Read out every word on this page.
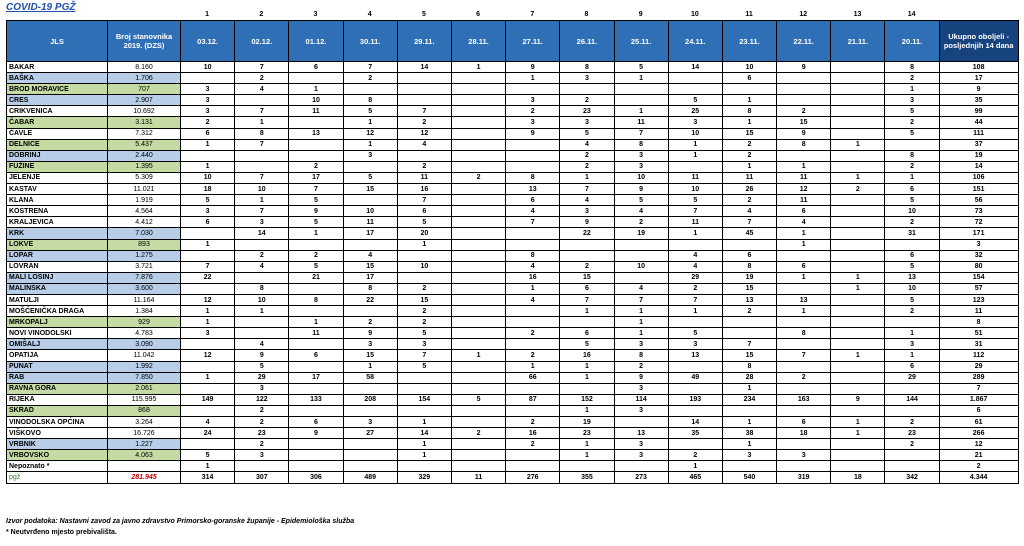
COVID-19 PGŽ
1	2	3	4	5	6	7	8	9	10	11	12	13	14
JLS	Broj stanovnika 2019. (DZS)	03.12.	02.12.	01.12.	30.11.	29.11.	28.11.	27.11.	26.11.	25.11.	24.11.	23.11.	22.11.	21.11.	20.11.	Ukupno oboljeli - posljednjih 14 dana
BAKAR	8.160	10	7	6	7	14	1	9	8	5	14	10	9		8	108
BAŠKA	1.706		2		2			1	3	1		6			2	17
BROD MORAVICE	707	3	4	1											1	9
CRES	2.907	3		10	8			3	2		5	1			3	35
CRIKVENICA	10.692	3	7	11	5	7		2	23	1	25	8	2		5	99
ČABAR	3.131	2	1		1	2		3	3	11	3	1	15		2	44
ČAVLE	7.312	6	8	13	12	12		9	5	7	10	15	9		5	111
DELNICE	5.437	1	7		1	4			4	8	1	2	8	1		37
DOBRINJ	2.440				3				2	3	1	2			8	19
FUŽINE	1.395	1		2		2			2	3		1	1		2	14
JELENJE	5.309	10	7	17	5	11	2	8	1	10	11	11	11	1	1	106
KASTAV	11.021	18	10	7	15	16		13	7	9	10	26	12	2	6	151
KLANA	1.919	5	1	5		7		6	4	5	5	2	11		5	56
KOSTRENA	4.564	3	7	9	10	6		4	3	4	7	4	6		10	73
KRALJEVICA	4.412	6	3	5	11	5		7	9	2	11	7	4		2	72
KRK	7.030		14	1	17	20			22	19	1	45	1		31	171
LOKVE	893	1				1							1			3
LOPAR	1.275		2	2	4			8			4	6			6	32
LOVRAN	3.721	7	4	5	15	10		4	2	10	4	8	6		5	80
MALI LOŠINJ	7.876	22		21	17			16	15		29	19	1	1	13	154
MALINSKA	3.600		8		8	2		1	6	4	2	15		1	10	57
MATULJI	11.164	12	10	8	22	15		4	7	7	7	13	13		5	123
MOŠĆENIČKA DRAGA	1.384	1	1			2			1	1	1	2	1		2	11
MRKOPALJ	929	1		1	2	2				1						8
NOVI VINODOLSKI	4.783	3		11	9	5		2	6	1	5		8		1	51
OMIŠALJ	3.090		4		3	3			5	3	3	7			3	31
OPATIJA	11.042	12	9	6	15	7	1	2	16	8	13	15	7	1	1	112
PUNAT	1.992		5		1	5		1	1	2		8			6	29
RAB	7.850	1	29	17	58			66	1	9	49	28	2		29	289
RAVNA GORA	2.061		3							3		1				7
RIJEKA	115.995	149	122	133	208	154	5	87	152	114	193	234	163	9	144	1.867
SKRAD	868		2						1	3						6
VINODOLSKA OPĆINA	3.264	4	2	6	3	1		2	19		14	1	6	1	2	61
VIŠKOVO	16.726	24	23	9	27	14	2	16	23	13	35	38	18	1	23	266
VRBNIK	1.227		2			1		2	1	3		1			2	12
VRBOVSKO	4.063	5	3			1			1	3	2	3	3			21
Nepoznato *		1									1					2
pgž	281.945	314	307	306	489	329	11	276	355	273	465	540	319	18	342	4.344
Izvor podatoka: Nastavni zavod za javno zdravstvo Primorsko-goranske županije - Epidemiološka služba
* Neutvrđeno mjesto prebivališta.
